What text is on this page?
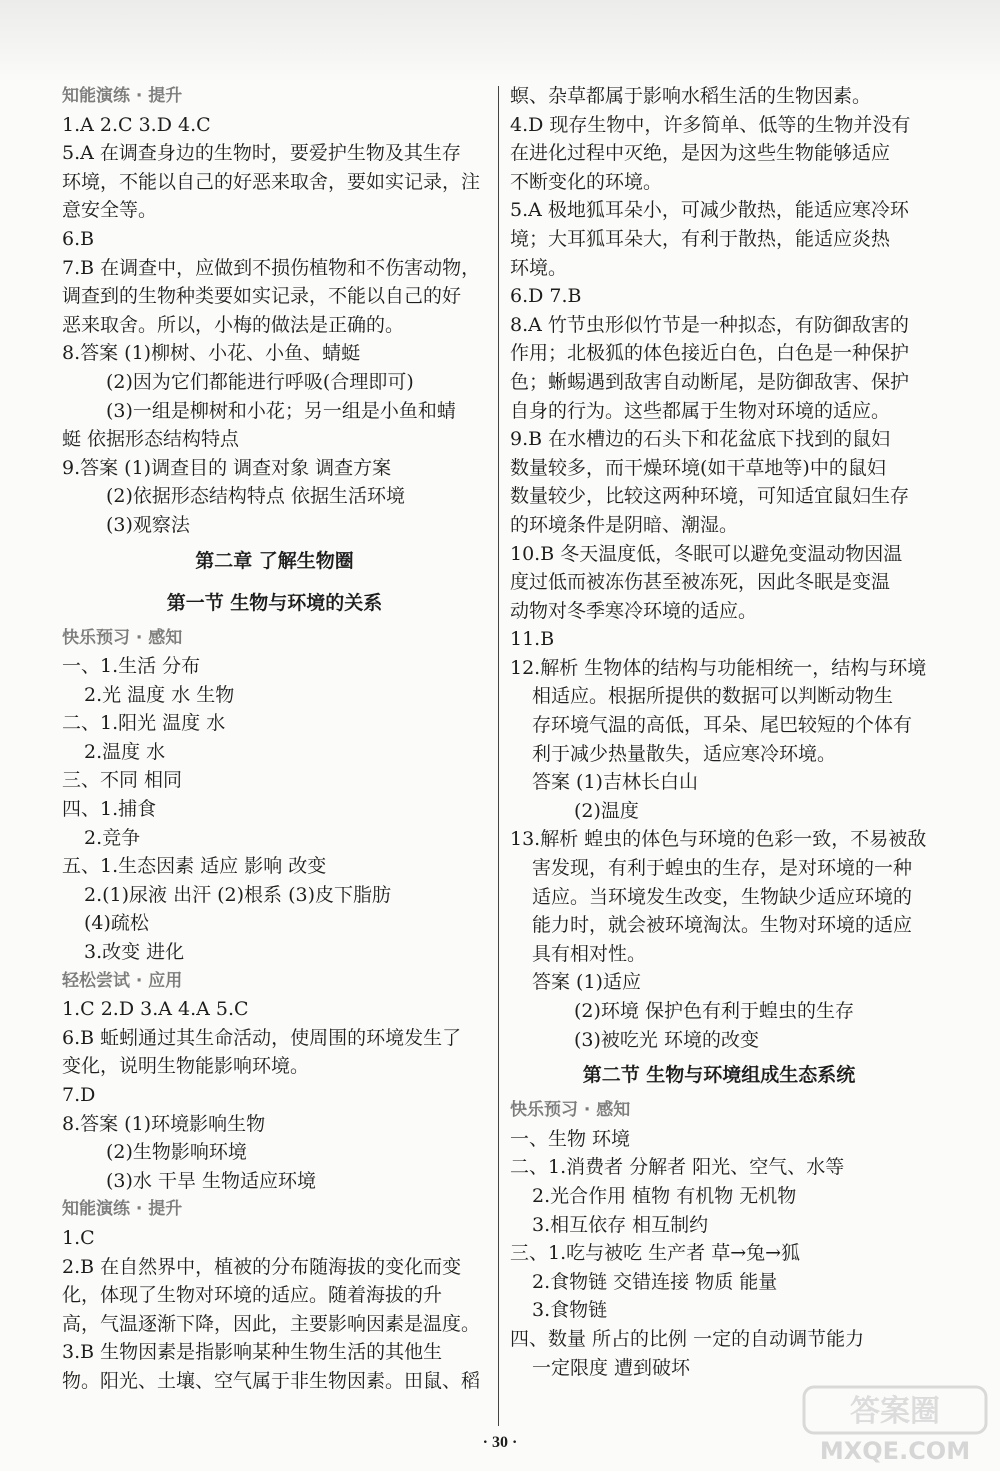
知能演练 · 提升
1.A 2.C 3.D 4.C
5.A 在调查身边的生物时，要爱护生物及其生存
环境，不能以自己的好恶来取舍，要如实记录，注
意安全等。
6.B
7.B 在调查中，应做到不损伤植物和不伤害动物，
调查到的生物种类要如实记录，不能以自己的好
恶来取舍。所以，小梅的做法是正确的。
8.答案 (1)柳树、小花、小鱼、蜻蜓
(2)因为它们都能进行呼吸(合理即可)
(3)一组是柳树和小花；另一组是小鱼和蜻
蜓 依据形态结构特点
9.答案 (1)调查目的 调查对象 调查方案
(2)依据形态结构特点 依据生活环境
(3)观察法
第二章 了解生物圈
第一节 生物与环境的关系
快乐预习 · 感知
一、1.生活 分布
2.光 温度 水 生物
二、1.阳光 温度 水
2.温度 水
三、不同 相同
四、1.捕食
2.竞争
五、1.生态因素 适应 影响 改变
2.(1)尿液 出汗 (2)根系 (3)皮下脂肪
(4)疏松
3.改变 进化
轻松尝试 · 应用
1.C 2.D 3.A 4.A 5.C
6.B 蚯蚓通过其生命活动，使周围的环境发生了
变化，说明生物能影响环境。
7.D
8.答案 (1)环境影响生物
(2)生物影响环境
(3)水 干旱 生物适应环境
知能演练 · 提升
1.C
2.B 在自然界中，植被的分布随海拔的变化而变
化，体现了生物对环境的适应。随着海拔的升
高，气温逐渐下降，因此，主要影响因素是温度。
3.B 生物因素是指影响某种生物生活的其他生
物。阳光、土壤、空气属于非生物因素。田鼠、稻
螟、杂草都属于影响水稻生活的生物因素。
4.D 现存生物中，许多简单、低等的生物并没有
在进化过程中灭绝，是因为这些生物能够适应
不断变化的环境。
5.A 极地狐耳朵小，可减少散热，能适应寒冷环
境；大耳狐耳朵大，有利于散热，能适应炎热
环境。
6.D 7.B
8.A 竹节虫形似竹节是一种拟态，有防御敌害的
作用；北极狐的体色接近白色，白色是一种保护
色；蜥蜴遇到敌害自动断尾，是防御敌害、保护
自身的行为。这些都属于生物对环境的适应。
9.B 在水槽边的石头下和花盆底下找到的鼠妇
数量较多，而干燥环境(如干草地等)中的鼠妇
数量较少，比较这两种环境，可知适宜鼠妇生存
的环境条件是阴暗、潮湿。
10.B 冬天温度低，冬眠可以避免变温动物因温
度过低而被冻伤甚至被冻死，因此冬眠是变温
动物对冬季寒冷环境的适应。
11.B
12.解析 生物体的结构与功能相统一，结构与环境
相适应。根据所提供的数据可以判断动物生
存环境气温的高低，耳朵、尾巴较短的个体有
利于减少热量散失，适应寒冷环境。
答案 (1)吉林长白山
(2)温度
13.解析 蝗虫的体色与环境的色彩一致，不易被敌
害发现，有利于蝗虫的生存，是对环境的一种
适应。当环境发生改变，生物缺少适应环境的
能力时，就会被环境淘汰。生物对环境的适应
具有相对性。
答案 (1)适应
(2)环境 保护色有利于蝗虫的生存
(3)被吃光 环境的改变
第二节 生物与环境组成生态系统
快乐预习 · 感知
一、生物 环境
二、1.消费者 分解者 阳光、空气、水等
2.光合作用 植物 有机物 无机物
3.相互依存 相互制约
三、1.吃与被吃 生产者 草→兔→狐
2.食物链 交错连接 物质 能量
3.食物链
四、数量 所占的比例 一定的自动调节能力
一定限度 遭到破坏
· 30 ·
答案圈
MXQE.COM
